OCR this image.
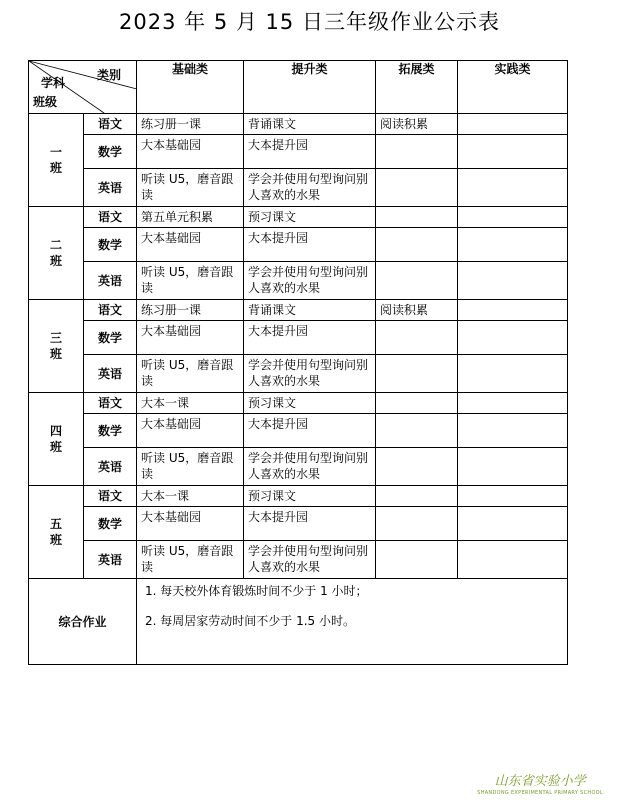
2023 年 5 月 15 日三年级作业公示表
类别
学科
班级		基础类	提升类	拓展类	实践类
一
班	语文	练习册一课	背诵课文	阅读积累	
	数学	大本基础园	大本提升园		
	英语	听读 U5，磨音跟读	学会并使用句型询问别人喜欢的水果		
二
班	语文	第五单元积累	预习课文		
	数学	大本基础园	大本提升园		
	英语	听读 U5，磨音跟读	学会并使用句型询问别人喜欢的水果		
三
班	语文	练习册一课	背诵课文	阅读积累	
	数学	大本基础园	大本提升园		
	英语	听读 U5，磨音跟读	学会并使用句型询问别人喜欢的水果		
四
班	语文	大本一课	预习课文		
	数学	大本基础园	大本提升园		
	英语	听读 U5，磨音跟读	学会并使用句型询问别人喜欢的水果		
五
班	语文	大本一课	预习课文		
	数学	大本基础园	大本提升园		
	英语	听读 U5，磨音跟读	学会并使用句型询问别人喜欢的水果		
综合作业		1. 每天校外体育锻炼时间不少于 1 小时；

2. 每周居家劳动时间不少于 1.5 小时。			

山东省实验小学
SHANDONG EXPERIMENTAL PRIMARY SCHOOL
